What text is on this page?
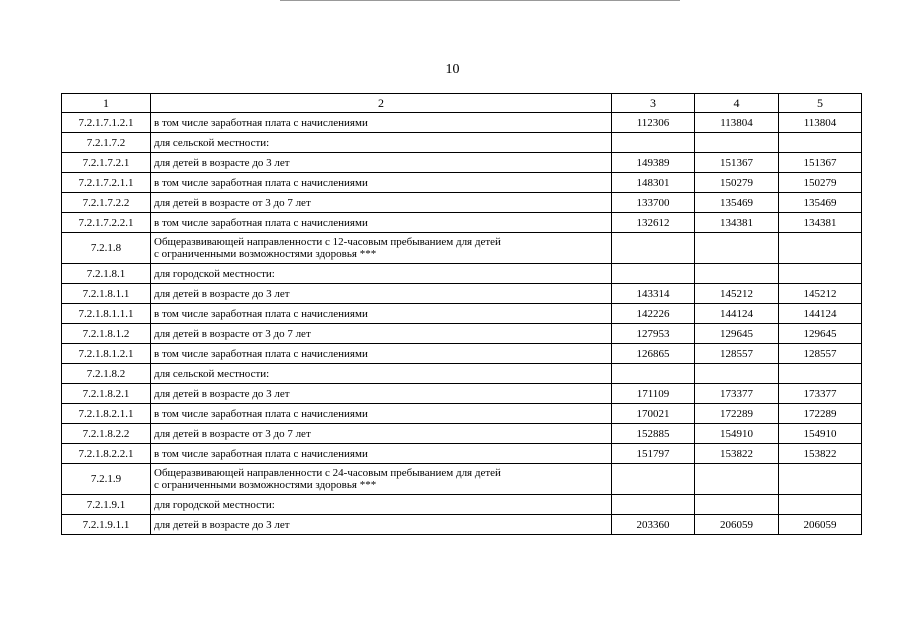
10
1	2	3	4	5
7.2.1.7.1.2.1	в том числе заработная плата с начислениями	112306	113804	113804
7.2.1.7.2	для сельской местности:			
7.2.1.7.2.1	для детей в возрасте до 3 лет	149389	151367	151367
7.2.1.7.2.1.1	в том числе заработная плата с начислениями	148301	150279	150279
7.2.1.7.2.2	для детей в возрасте от 3 до 7 лет	133700	135469	135469
7.2.1.7.2.2.1	в том числе заработная плата с начислениями	132612	134381	134381
7.2.1.8	Общеразвивающей направленности с 12-часовым пребыванием для детей
с ограниченными возможностями здоровья ***			

7.2.1.8.1	для городской местности:			
7.2.1.8.1.1	для детей в возрасте до 3 лет	143314	145212	145212
7.2.1.8.1.1.1	в том числе заработная плата с начислениями	142226	144124	144124
7.2.1.8.1.2	для детей в возрасте от 3 до 7 лет	127953	129645	129645
7.2.1.8.1.2.1	в том числе заработная плата с начислениями	126865	128557	128557
7.2.1.8.2	для сельской местности:			
7.2.1.8.2.1	для детей в возрасте до 3 лет	171109	173377	173377
7.2.1.8.2.1.1	в том числе заработная плата с начислениями	170021	172289	172289
7.2.1.8.2.2	для детей в возрасте от 3 до 7 лет	152885	154910	154910
7.2.1.8.2.2.1	в том числе заработная плата с начислениями	151797	153822	153822
7.2.1.9	Общеразвивающей направленности с 24-часовым пребыванием для детей
с ограниченными возможностями здоровья ***			

7.2.1.9.1	для городской местности:			
7.2.1.9.1.1	для детей в возрасте до 3 лет	203360	206059	206059
